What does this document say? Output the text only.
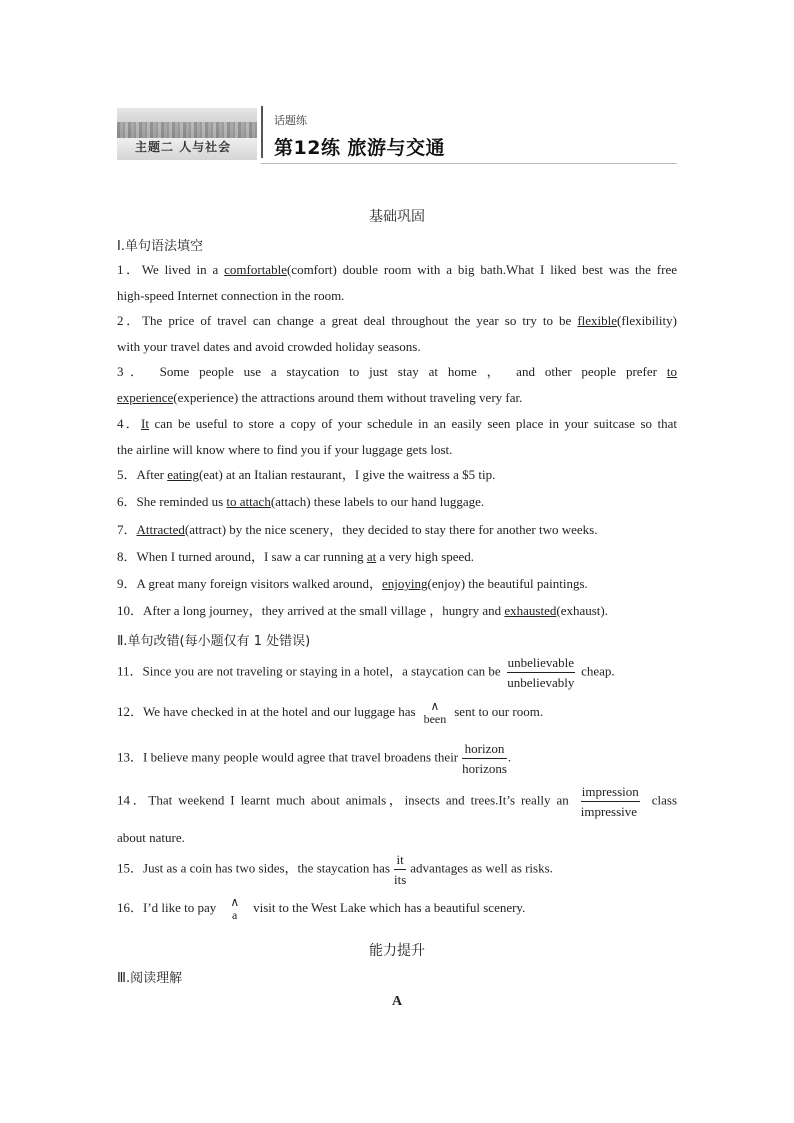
主题二 人与社会
话题练
第12练 旅游与交通
基础巩固
Ⅰ.单句语法填空
1．We lived in a comfortable(comfort) double room with a big bath.What I liked best was the free
high-speed Internet connection in the room.
2．The price of travel can change a great deal throughout the year so try to be flexible(flexibility)
with your travel dates and avoid crowded holiday seasons.
3． Some people use a staycation to just stay at home ， and other people prefer to
experience(experience) the attractions around them without traveling very far.
4．It can be useful to store a copy of your schedule in an easily seen place in your suitcase so that
the airline will know where to find you if your luggage gets lost.
5．After eating(eat) at an Italian restaurant，I give the waitress a $5 tip.
6．She reminded us to attach(attach) these labels to our hand luggage.
7．Attracted(attract) by the nice scenery，they decided to stay there for another two weeks.
8．When I turned around，I saw a car running at a very high speed.
9．A great many foreign visitors walked around，enjoying(enjoy) the beautiful paintings.
10．After a long journey，they arrived at the small village ，hungry and exhausted(exhaust).
Ⅱ.单句改错(每小题仅有 1 处错误)
11．Since you are not traveling or staying in a hotel，a staycation can be $\frac{\text{unbelievable}}{\text{unbelievably}}$ cheap.
12．We have checked in at the hotel and our luggage has	∧
been
sent to our room.
13．I believe many people would agree that travel broadens their $\frac{\text{horizon}}{\text{horizons}}$ .
14．That weekend I learnt much about animals，insects and trees.It’s really an $\frac{\text{impression}}{\text{impressive}}$ class
about nature.
15．Just as a coin has two sides，the staycation has $\frac{it}{\text{its}}$ advantages as well as risks.
16．I’d like to pay ∧
a
visit to the West Lake which has a beautiful scenery.
能力提升
Ⅲ.阅读理解
A
